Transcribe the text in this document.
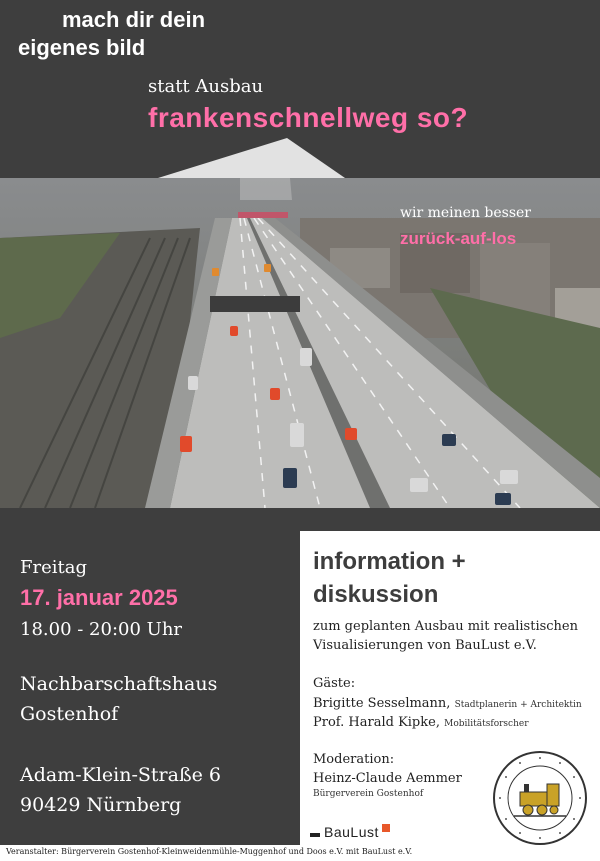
mach dir dein
eigenes bild
statt Ausbau
frankenschnellweg so?
wir meinen besser
zurück-auf-los
Freitag
17. januar 2025
18.00 - 20:00 Uhr
Nachbarschaftshaus
Gostenhof
Adam-Klein-Straße 6
90429 Nürnberg
information +
diskussion
zum geplanten Ausbau mit realistischen
Visualisierungen von BauLust e.V.
Gäste:
Brigitte Sesselmann, Stadtplanerin + Architektin
Prof. Harald Kipke, Mobilitätsforscher
Moderation:
Heinz-Claude Aemmer
Bürgerverein Gostenhof
BauLust
Veranstalter: Bürgerverein Gostenhof-Kleinweidenmühle-Muggenhof und Doos e.V. mit BauLust e.V.
